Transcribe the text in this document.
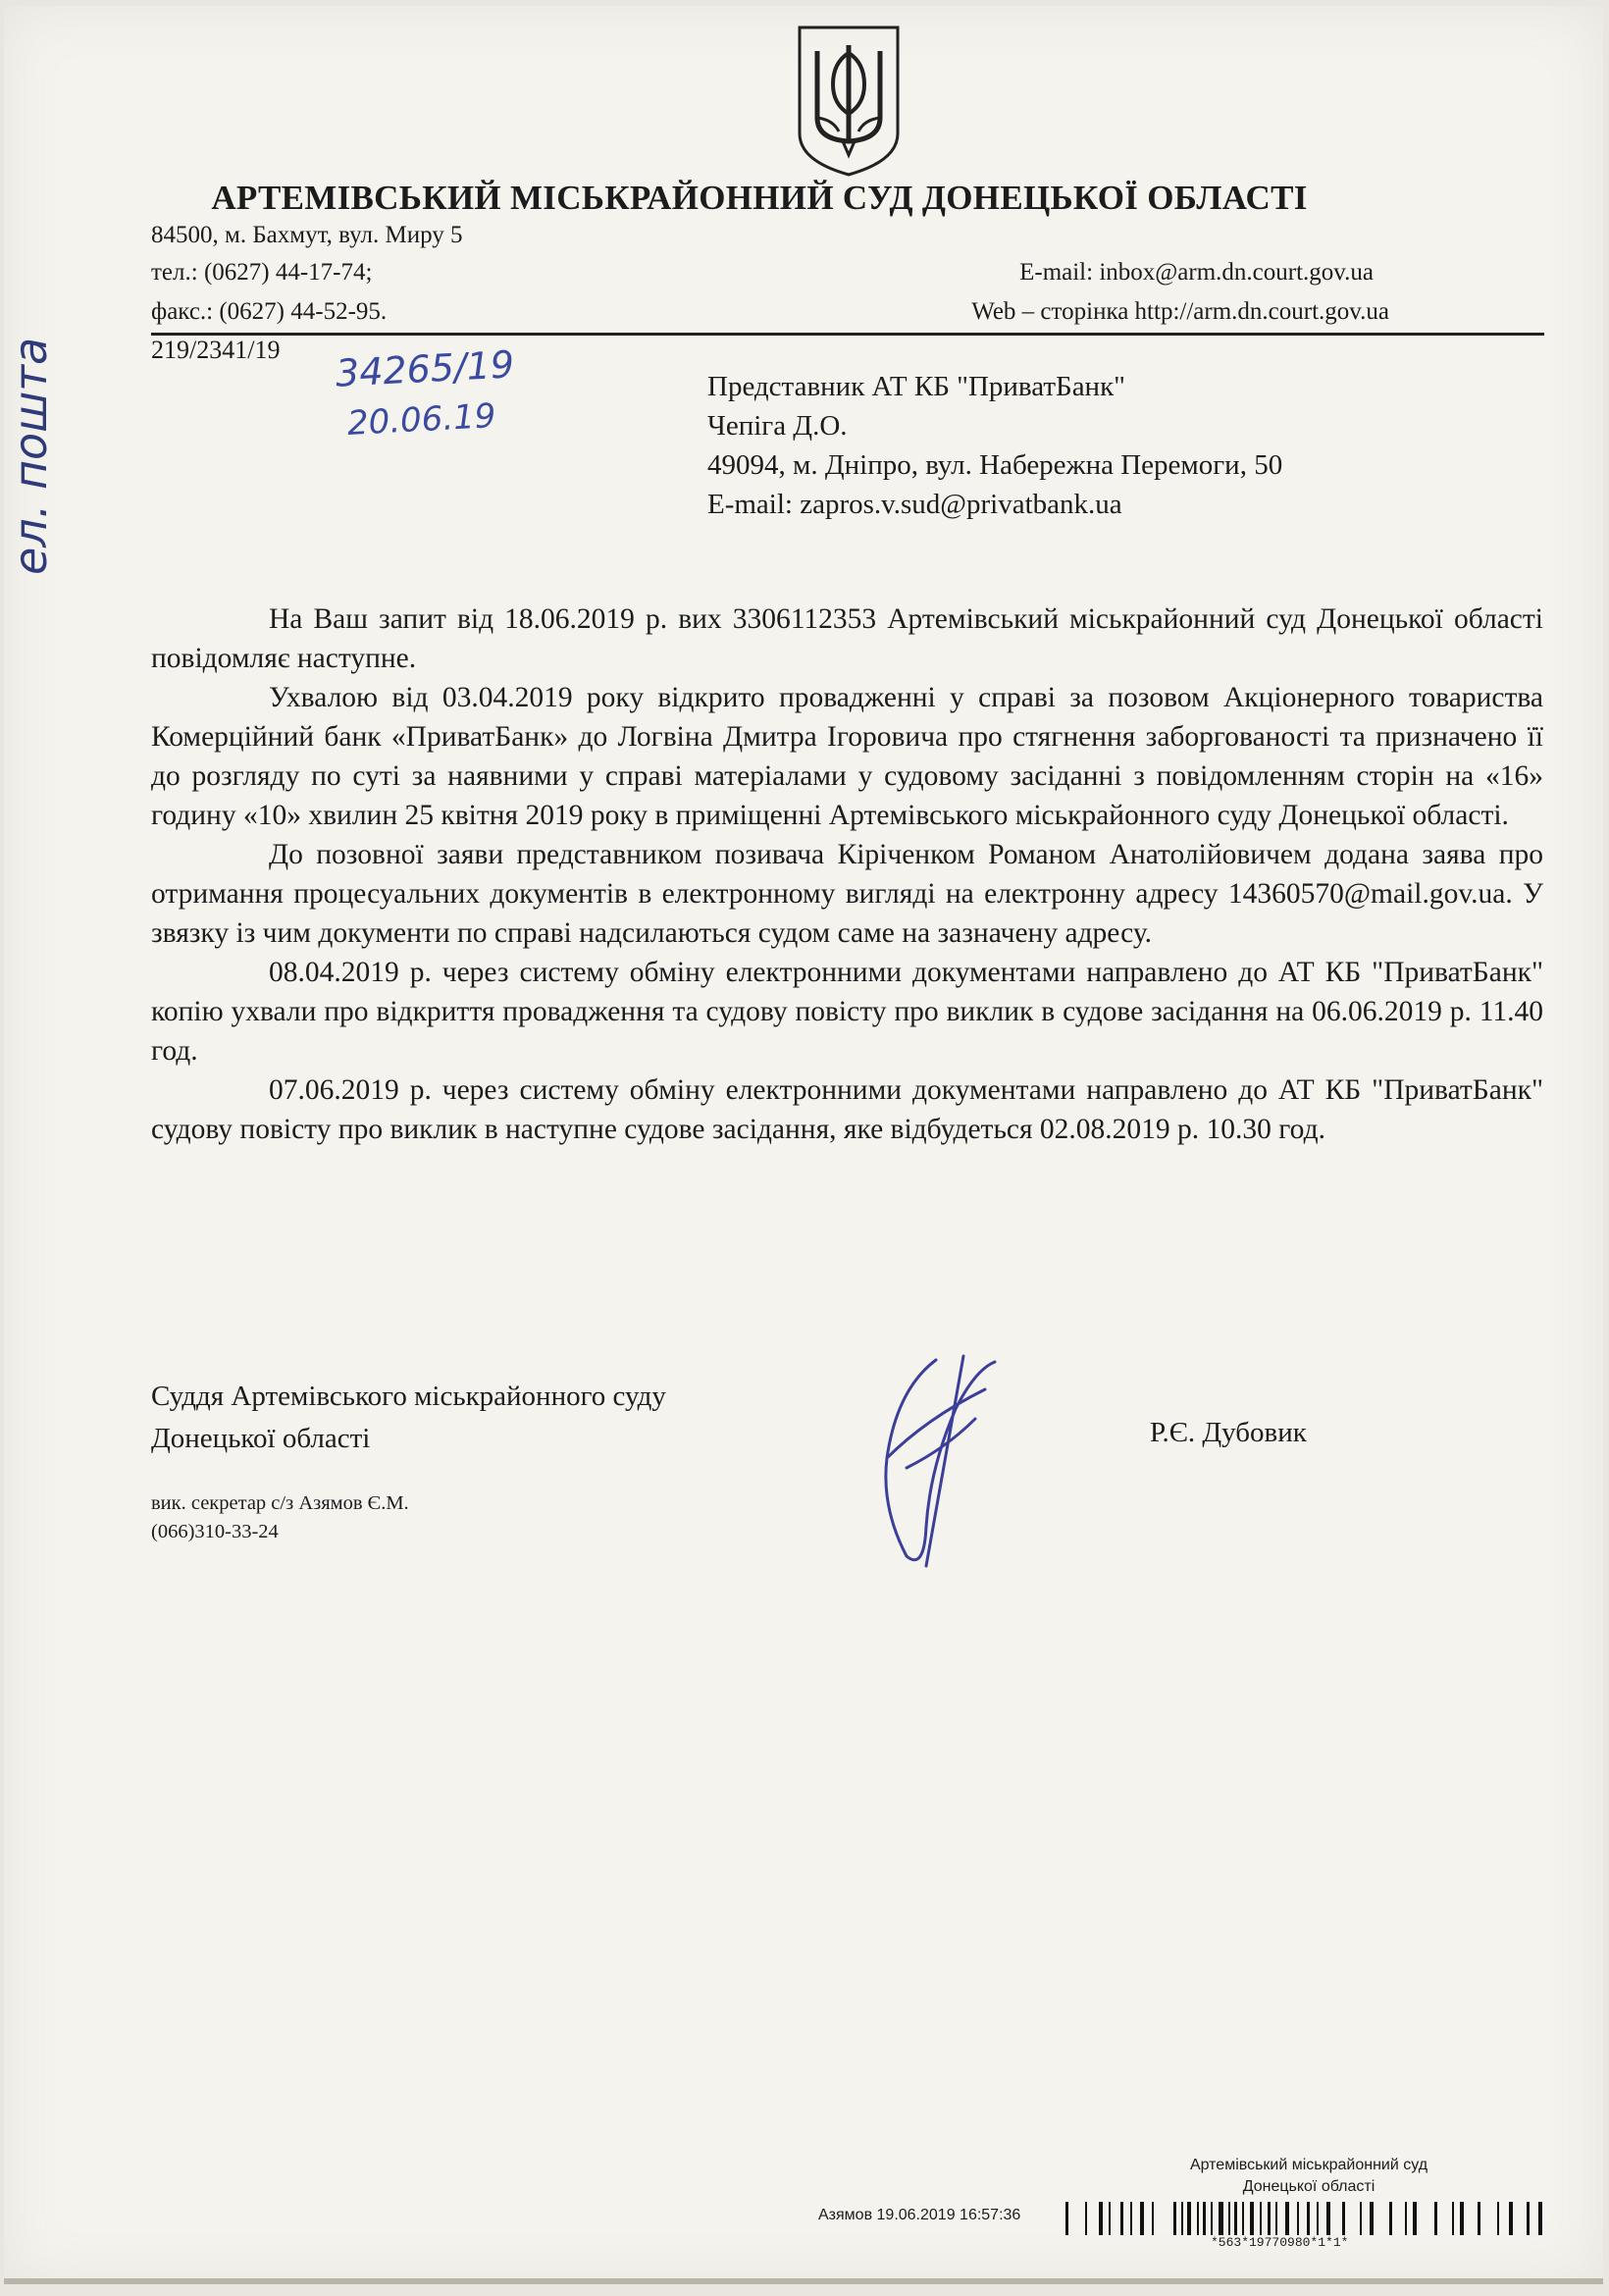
АРТЕМІВСЬКИЙ МІСЬКРАЙОННИЙ СУД ДОНЕЦЬКОЇ ОБЛАСТІ
84500, м. Бахмут, вул. Миру 5
тел.: (0627) 44-17-74;	E-mail: inbox@arm.dn.court.gov.ua
факс.: (0627) 44-52-95.	Web – сторінка http://arm.dn.court.gov.ua
219/2341/19 34265/19
20.06.19
ел. пошта	Представник АТ КБ "ПриватБанк"
Чепіга Д.О.
49094, м. Дніпро, вул. Набережна Перемоги, 50
E-mail: zapros.v.sud@privatbank.ua

На Ваш запит від 18.06.2019 р. вих 3306112353 Артемівський міськрайонний суд Донецької області повідомляє наступне.

Ухвалою від 03.04.2019 року відкрито провадженні у справі за позовом Акціонерного товариства Комерційний банк «ПриватБанк» до Логвіна Дмитра Ігоровича про стягнення заборгованості та призначено її до розгляду по суті за наявними у справі матеріалами у судовому засіданні з повідомленням сторін на «16» годину «10» хвилин 25 квітня 2019 року в приміщенні Артемівського міськрайонного суду Донецької області.

До позовної заяви представником позивача Кіріченком Романом Анатолійовичем додана заява про отримання процесуальних документів в електронному вигляді на електронну адресу 14360570@mail.gov.ua. У звязку із чим документи по справі надсилаються судом саме на зазначену адресу.

08.04.2019 р. через систему обміну електронними документами направлено до АТ КБ "ПриватБанк" копію ухвали про відкриття провадження та судову повісту про виклик в судове засідання на 06.06.2019 р. 11.40 год.

07.06.2019 р. через систему обміну електронними документами направлено до АТ КБ "ПриватБанк" судову повісту про виклик в наступне судове засідання, яке відбудеться 02.08.2019 р. 10.30 год.

Суддя Артемівського міськрайонного суду
Донецької області	Р.Є. Дубовик
вик. секретар с/з Азямов Є.М.
(066)310-33-24
Артемівський міськрайонний суд
Донецької області
Азямов 19.06.2019 16:57:36
*563*19770980*1*1*
